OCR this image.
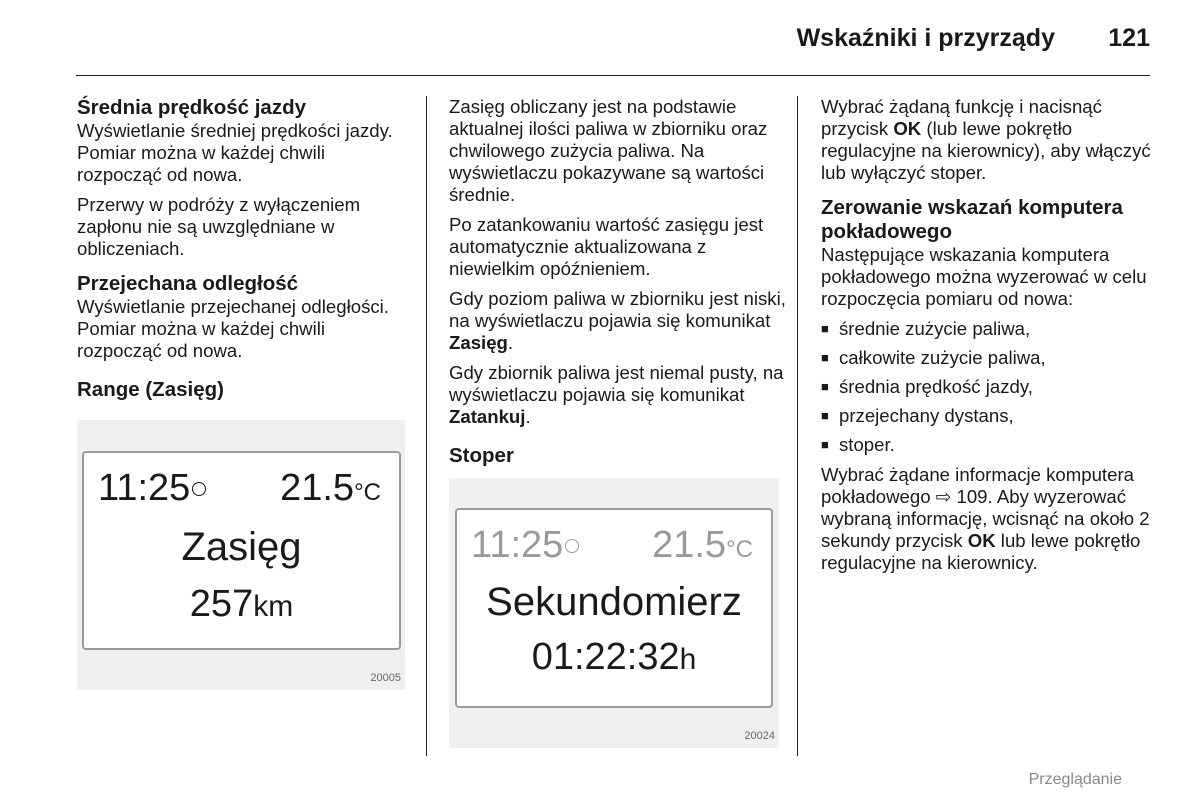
Wskaźniki i przyrządy 121
Średnia prędkość jazdy

Wyświetlanie średniej prędkości jazdy. Pomiar można w każdej chwili rozpocząć od nowa.

Przerwy w podróży z wyłączeniem zapłonu nie są uwzględniane w obliczeniach.

Przejechana odległość

Wyświetlanie przejechanej odległości. Pomiar można w każdej chwili rozpocząć od nowa.

Range (Zasięg)
11:25	21.5°C
Zasięg
257km
20005

Zasięg obliczany jest na podstawie aktualnej ilości paliwa w zbiorniku oraz chwilowego zużycia paliwa. Na wyświetlaczu pokazywane są wartości średnie.

Po zatankowaniu wartość zasięgu jest automatycznie aktualizowana z niewielkim opóźnieniem.

Gdy poziom paliwa w zbiorniku jest niski, na wyświetlaczu pojawia się komunikat Zasięg.

Gdy zbiornik paliwa jest niemal pusty, na wyświetlaczu pojawia się komunikat Zatankuj.

Stoper
11:25	21.5°C
Sekundomierz
01:22:32h
20024

Wybrać żądaną funkcję i nacisnąć przycisk OK (lub lewe pokrętło regulacyjne na kierownicy), aby włączyć lub wyłączyć stoper.

Zerowanie wskazań komputera pokładowego

Następujące wskazania komputera pokładowego można wyzerować w celu rozpoczęcia pomiaru od nowa:

■ średnie zużycie paliwa,
■ całkowite zużycie paliwa,
■ średnia prędkość jazdy,
■ przejechany dystans,
■ stoper.

Wybrać żądane informacje komputera pokładowego ⇨ 109. Aby wyzerować wybraną informację, wcisnąć na około 2 sekundy przycisk OK lub lewe pokrętło regulacyjne na kierownicy.

Przeglądanie
